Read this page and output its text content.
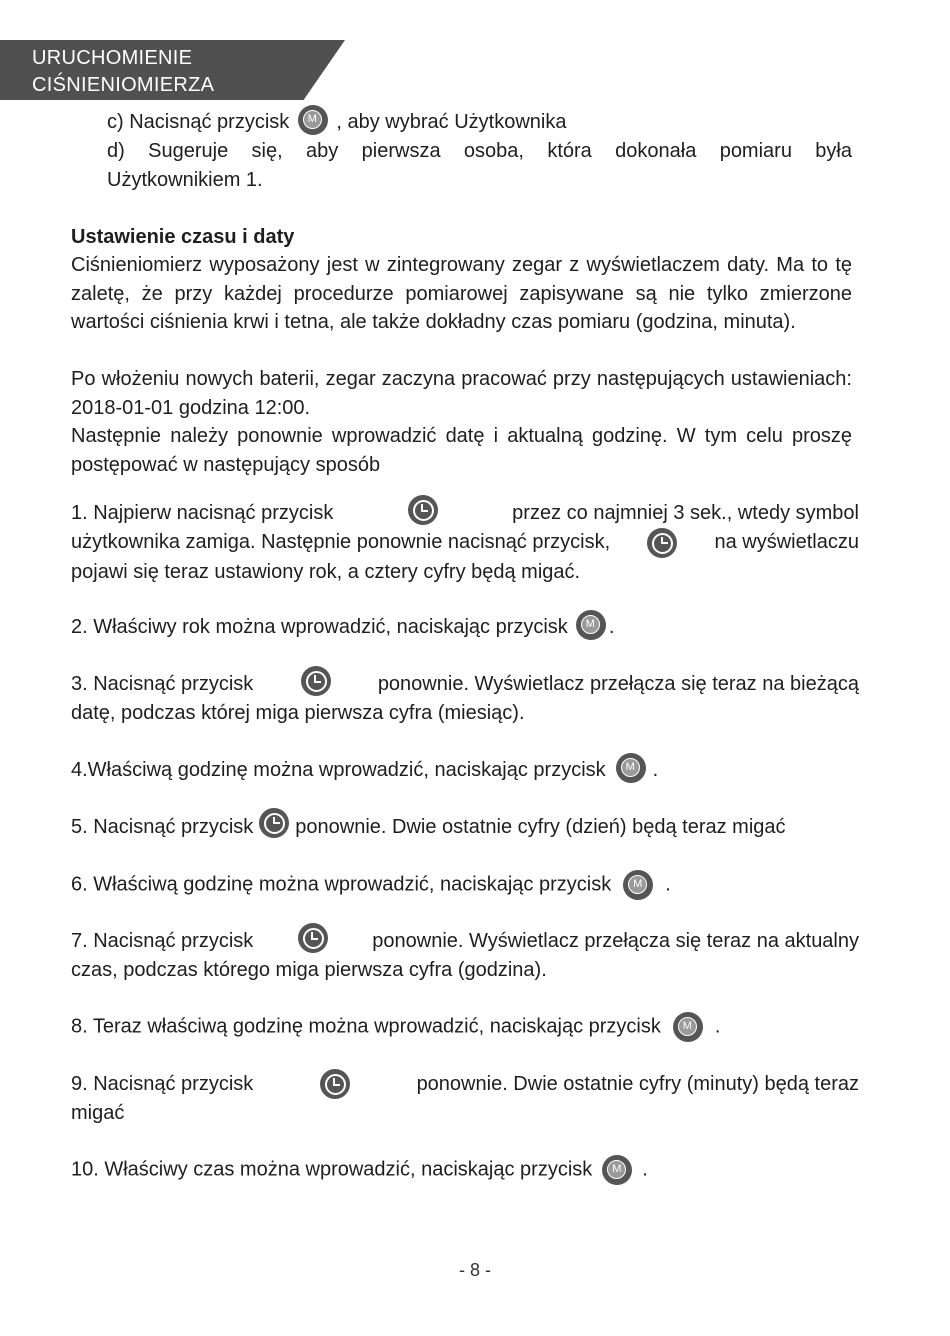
URUCHOMIENIE
CIŚNIENIOMIERZA
c) Nacisnąć przycisk	M , aby wybrać Użytkownika
d) Sugeruje się, aby pierwsza osoba, która dokonała pomiaru była
Użytkownikiem 1.
Ustawienie czasu i daty
Ciśnieniomierz wyposażony jest w zintegrowany zegar z wyświetlaczem daty. Ma to tę zaletę, że przy każdej procedurze pomiarowej zapisywane są nie tylko zmierzone wartości ciśnienia krwi i tetna, ale także dokładny czas pomiaru (godzina, minuta).
Po włożeniu nowych baterii, zegar zaczyna pracować przy następujących ustawieniach: 2018-01-01 godzina 12:00.
Następnie należy ponownie wprowadzić datę i aktualną godzinę. W tym celu proszę postępować w następujący sposób
1. Najpierw nacisnąć przycisk	przez co najmniej 3 sek., wtedy symbol
użytkownika zamiga. Następnie ponownie nacisnąć przycisk,	na wyświetlaczu
pojawi się teraz ustawiony rok, a cztery cyfry będą migać.
2. Właściwy rok można wprowadzić, naciskając przycisk	M .
3. Nacisnąć przycisk	ponownie. Wyświetlacz przełącza się teraz na bieżącą
datę, podczas której miga pierwsza cyfra (miesiąc).
4.Właściwą godzinę można wprowadzić, naciskając przycisk	M .
5. Nacisnąć przycisk ponownie. Dwie ostatnie cyfry (dzień) będą teraz migać
6. Właściwą godzinę można wprowadzić, naciskając przycisk	M .
7. Nacisnąć przycisk	ponownie. Wyświetlacz przełącza się teraz na aktualny
czas, podczas którego miga pierwsza cyfra (godzina).
8. Teraz właściwą godzinę można wprowadzić, naciskając przycisk	M .
9. Nacisnąć przycisk	ponownie. Dwie ostatnie cyfry (minuty) będą teraz
migać
10. Właściwy czas można wprowadzić, naciskając przycisk	M .
- 8 -
